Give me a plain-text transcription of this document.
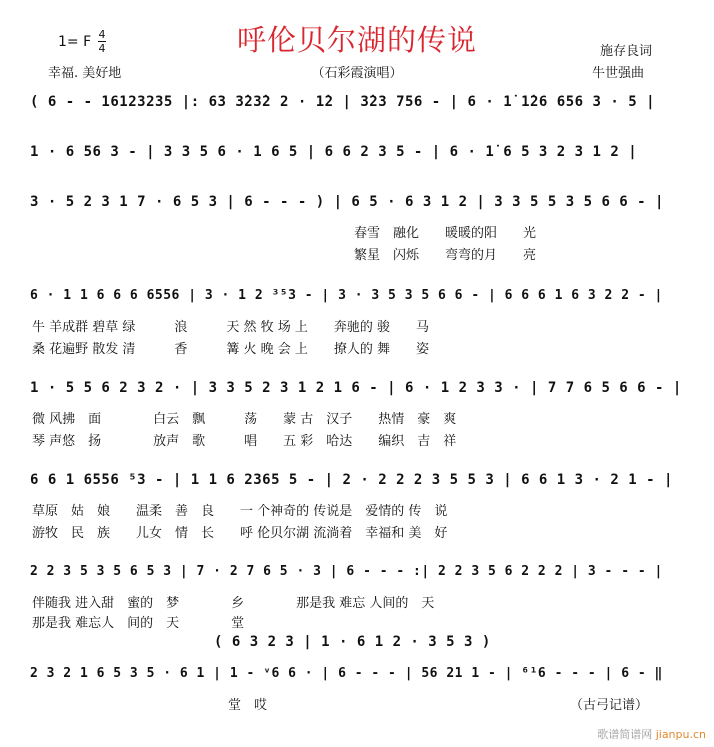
呼伦贝尔湖的传说
1= F 4
4
幸福. 美好地	（石彩霞演唱）
施存良词
牛世强曲
( 6 - - 16123235 |: 63 3̇23̇2 2 · 1̇2 | 3̇23 756 - | 6 · 1̇ 1̇26 656 3 · 5 |
1 · 6 56 3 - | 3 3 5 6 · 1 6 5 | 6 6 2 3 5 - | 6 · 1̇ 6 5 3 2 3 1 2 |
3 · 5 2 3 1 7 · 6 5 3 | 6 - - - ) | 6 5 · 6 3 1 2 | 3 3 5 5 3 5 6 6 - |
春雪　融化　　暖暖的阳　　光
繁星　闪烁　　弯弯的月　　亮
6 · 1 1 6 6 6 6556 | 3 · 1 2 ³⁵3 - | 3 · 3 5 3 5 6 6 - | 6 6 6 1 6 3 2 2 - |
牛 羊成群 碧草 绿　　　浪　　　天 然 牧 场 上　　奔驰的 骏　　马
桑 花遍野 散发 清　　　香　　　篝 火 晚 会 上　　撩人的 舞　　姿
1 · 5 5 6 2 3 2 · | 3 3 5 2 3 1 2 1 6 - | 6 · 1 2 3 3 · | 7 7 6 5 6 6 - |
微 风拂　面　　　　白云　飘　　　荡　　蒙 古　汉子　　热情　豪　爽
琴 声悠　扬　　　　放声　歌　　　唱　　五 彩　哈达　　编织　吉　祥
6 6 1 6556 ⁵3 - | 1 1 6 2365 5 - | 2 · 2 2 2 3 5 5 3 | 6 6 1 3 · 2 1 - |
草原　姑　娘　　温柔　善　良　　一 个神奇的 传说是　爱情的 传　说
游牧　民　族　　儿女　情　长　　呼 伦贝尔湖 流淌着　幸福和 美　好
2 2 3 5 3 5 6 5 3 | 7 · 2 7 6 5 · 3 | 6 - - - :| 2 2 3 5 6 2 2 2 | 3 - - - |
伴随我 进入甜　蜜的　梦　　　　乡　　　　那是我 难忘 人间的　天
那是我 难忘人　间的　天　　　　堂
( 6 3 2 3 | 1 · 6 1 2 · 3 5 3 )
2 3 2 1 6 5 3 5 · 6 1 | 1 - ᵛ6 6 · | 6 - - - | 56 21 1 - | ⁶¹6 - - - | 6 - ‖
堂　哎	（古弓记谱）
歌谱简谱网 jianpu.cn
